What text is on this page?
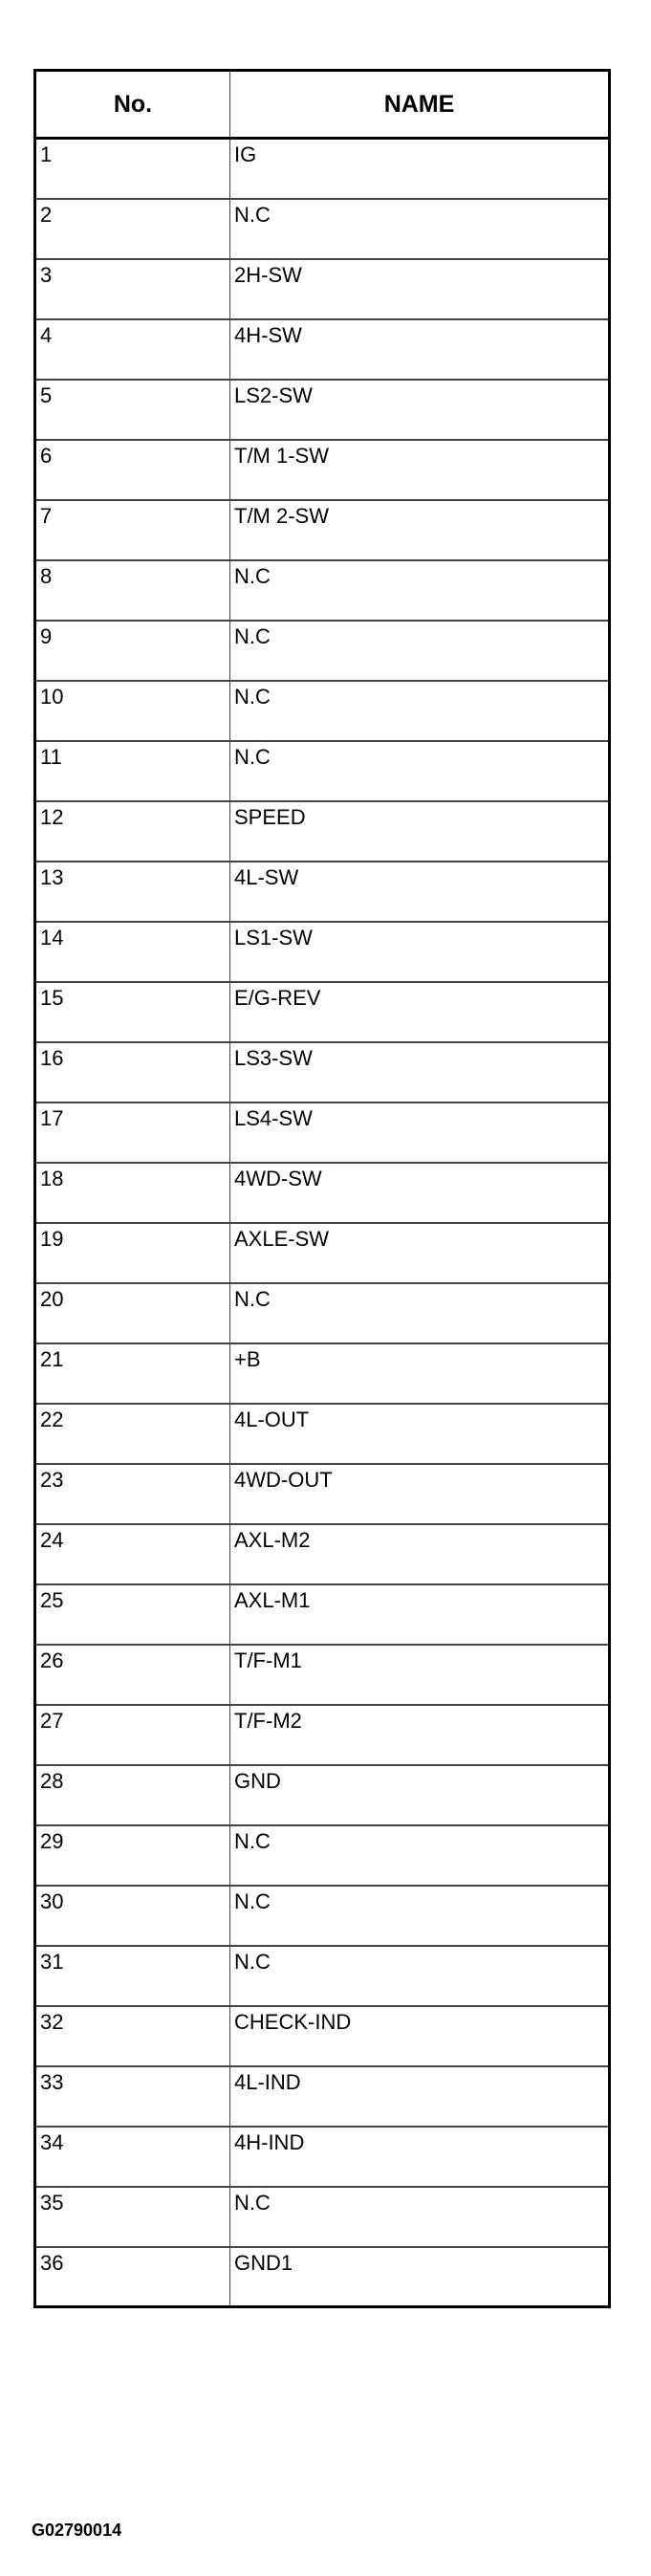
No.	NAME
1	IG
2	N.C
3	2H-SW
4	4H-SW
5	LS2-SW
6	T/M 1-SW
7	T/M 2-SW
8	N.C
9	N.C
10	N.C
11	N.C
12	SPEED
13	4L-SW
14	LS1-SW
15	E/G-REV
16	LS3-SW
17	LS4-SW
18	4WD-SW
19	AXLE-SW
20	N.C
21	+B
22	4L-OUT
23	4WD-OUT
24	AXL-M2
25	AXL-M1
26	T/F-M1
27	T/F-M2
28	GND
29	N.C
30	N.C
31	N.C
32	CHECK-IND
33	4L-IND
34	4H-IND
35	N.C
36	GND1
G02790014
